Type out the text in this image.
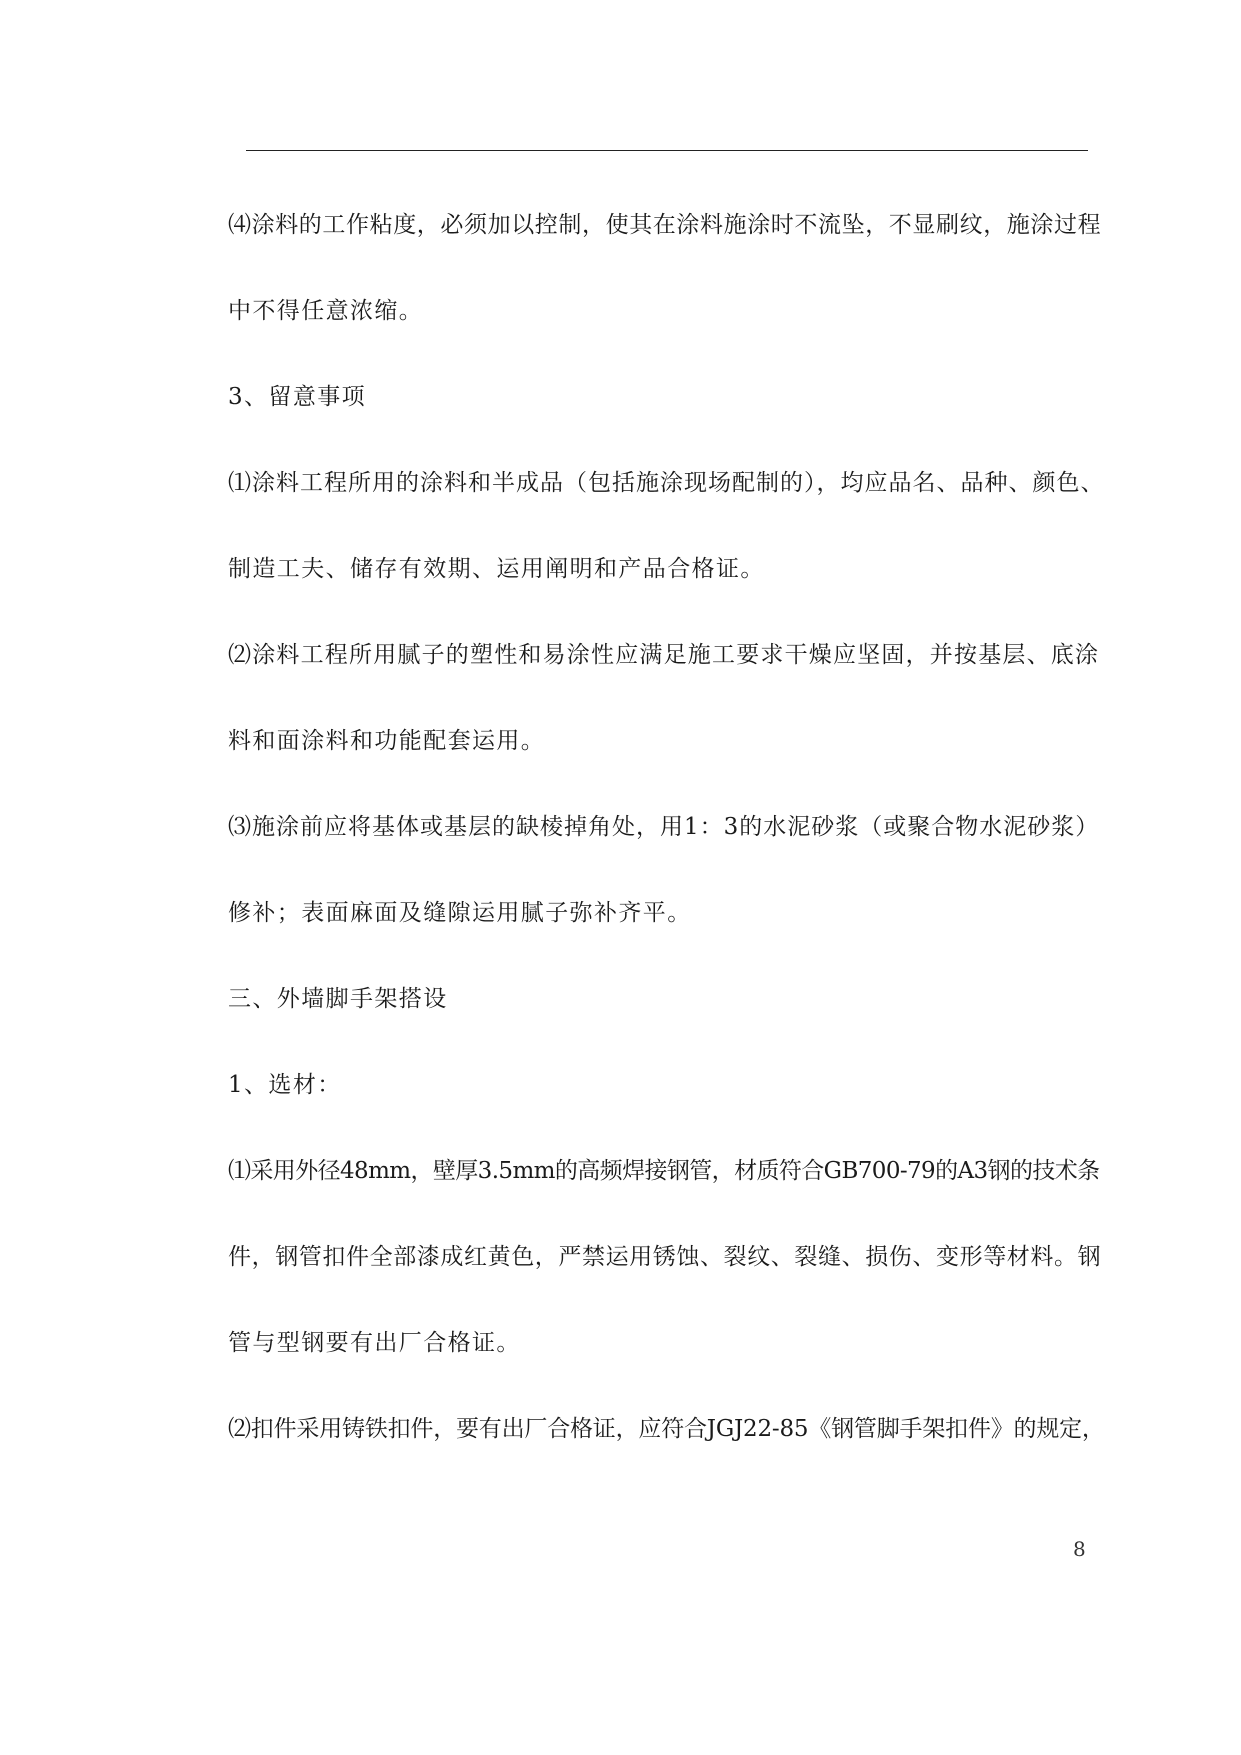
⑷涂料的工作粘度，必须加以控制，使其在涂料施涂时不流坠，不显刷纹，施涂过程
中不得任意浓缩。
3、留意事项
⑴涂料工程所用的涂料和半成品（包括施涂现场配制的），均应品名、品种、颜色、
制造工夫、储存有效期、运用阐明和产品合格证。
⑵涂料工程所用腻子的塑性和易涂性应满足施工要求干燥应坚固，并按基层、底涂
料和面涂料和功能配套运用。
⑶施涂前应将基体或基层的缺棱掉角处，用1：3的水泥砂浆（或聚合物水泥砂浆）
修补；表面麻面及缝隙运用腻子弥补齐平。
三、外墙脚手架搭设
1、选材：
⑴采用外径48mm，壁厚3.5mm的高频焊接钢管，材质符合GB700-79的A3钢的技术条
件，钢管扣件全部漆成红黄色，严禁运用锈蚀、裂纹、裂缝、损伤、变形等材料。钢
管与型钢要有出厂合格证。
⑵扣件采用铸铁扣件，要有出厂合格证，应符合JGJ22-85《钢管脚手架扣件》的规定，
8
